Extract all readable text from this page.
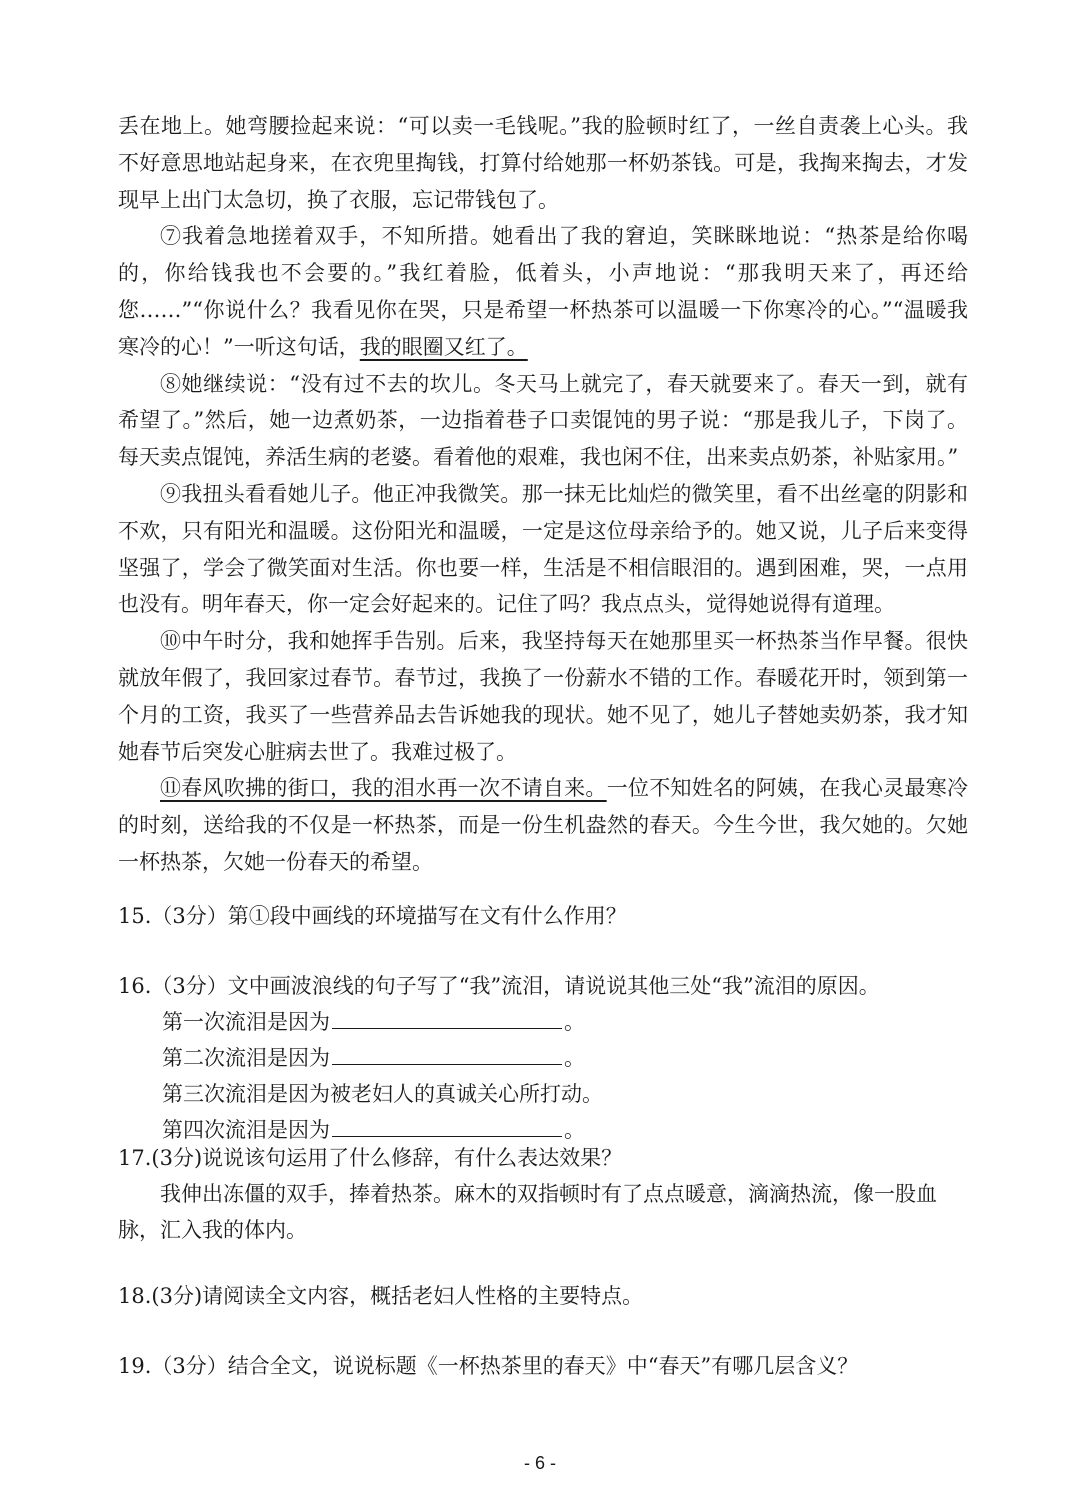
丢在地上。她弯腰捡起来说：“可以卖一毛钱呢。”我的脸顿时红了，一丝自责袭上心头。我不好意思地站起身来，在衣兜里掏钱，打算付给她那一杯奶茶钱。可是，我掏来掏去，才发现早上出门太急切，换了衣服，忘记带钱包了。

⑦我着急地搓着双手，不知所措。她看出了我的窘迫，笑眯眯地说：“热茶是给你喝的，你给钱我也不会要的。”我红着脸，低着头，小声地说：“那我明天来了，再还给您……”“你说什么？我看见你在哭，只是希望一杯热茶可以温暖一下你寒冷的心。”“温暖我寒冷的心！”一听这句话，我的眼圈又红了。

⑧她继续说：“没有过不去的坎儿。冬天马上就完了，春天就要来了。春天一到，就有希望了。”然后，她一边煮奶茶，一边指着巷子口卖馄饨的男子说：“那是我儿子，下岗了。每天卖点馄饨，养活生病的老婆。看着他的艰难，我也闲不住，出来卖点奶茶，补贴家用。”

⑨我扭头看看她儿子。他正冲我微笑。那一抹无比灿烂的微笑里，看不出丝毫的阴影和不欢，只有阳光和温暖。这份阳光和温暖，一定是这位母亲给予的。她又说，儿子后来变得坚强了，学会了微笑面对生活。你也要一样，生活是不相信眼泪的。遇到困难，哭，一点用也没有。明年春天，你一定会好起来的。记住了吗？我点点头，觉得她说得有道理。

⑩中午时分，我和她挥手告别。后来，我坚持每天在她那里买一杯热茶当作早餐。很快就放年假了，我回家过春节。春节过，我换了一份薪水不错的工作。春暖花开时，领到第一个月的工资，我买了一些营养品去告诉她我的现状。她不见了，她儿子替她卖奶茶，我才知她春节后突发心脏病去世了。我难过极了。

⑪春风吹拂的街口，我的泪水再一次不请自来。一位不知姓名的阿姨，在我心灵最寒冷的时刻，送给我的不仅是一杯热茶，而是一份生机盎然的春天。今生今世，我欠她的。欠她一杯热茶，欠她一份春天的希望。

15.（3分）第①段中画线的环境描写在文有什么作用？

16.（3分）文中画波浪线的句子写了“我”流泪，请说说其他三处“我”流泪的原因。

第一次流泪是因为	。

第二次流泪是因为	。

第三次流泪是因为被老妇人的真诚关心所打动。

第四次流泪是因为	。

17.(3分)说说该句运用了什么修辞，有什么表达效果？

我伸出冻僵的双手，捧着热茶。麻木的双指顿时有了点点暖意，滴滴热流，像一股血脉，汇入我的体内。

18.(3分)请阅读全文内容，概括老妇人性格的主要特点。

19.（3分）结合全文，说说标题《一杯热茶里的春天》中“春天”有哪几层含义？

- 6 -
